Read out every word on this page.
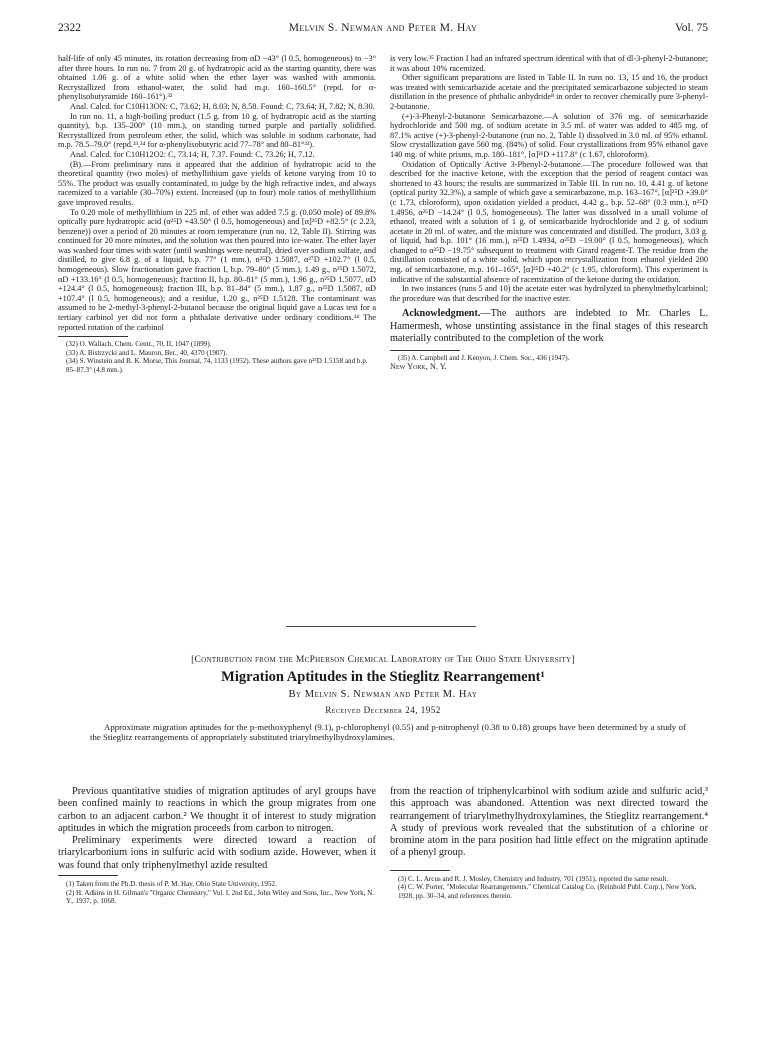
2322	Melvin S. Newman and Peter M. Hay	Vol. 75

half-life of only 45 minutes, its rotation decreasing from αD −43° (l 0.5, homogeneous) to −3° after three hours. In run no. 7 from 20 g. of hydratropic acid as the starting quantity, there was obtained 1.06 g. of a white solid when the ether layer was washed with ammonia. Recrystallized from ethanol-water, the solid had m.p. 160–160.5° (repd. for α-phenylisobutyramide 160–161°).³²

Anal. Calcd. for C10H13ON: C, 73.62; H, 8.03; N, 8.58. Found: C, 73.64; H, 7.82; N, 8.30.

In run no. 11, a high-boiling product (1.5 g. from 10 g. of hydratropic acid as the starting quantity), b.p. 135–200° (10 mm.), on standing turned purple and partially solidified. Recrystallized from petroleum ether, the solid, which was soluble in sodium carbonate, had m.p. 78.5–79.0° (repd.³³,³⁴ for α-phenylisobutyric acid 77–78° and 80–81°³³).

Anal. Calcd. for C10H12O2: C, 73.14; H, 7.37. Found: C, 73.26; H, 7.12.

(B).—From preliminary runs it appeared that the addition of hydratropic acid to the theoretical quantity (two moles) of methyllithium gave yields of ketone varying from 10 to 55%. The product was usually contaminated, to judge by the high refractive index, and always racemized to a variable (30–70%) extent. Increased (up to four) mole ratios of methyllithium gave improved results.

To 0.20 mole of methyllithium in 225 ml. of ether was added 7.5 g. (0.050 mole) of 89.8% optically pure hydratropic acid (α²⁵D +43.50° (l 0.5, homogeneous) and [α]²⁵D +82.5° (c 2.23, benzene)) over a period of 20 minutes at room temperature (run no. 12, Table II). Stirring was continued for 20 more minutes, and the solution was then poured into ice-water. The ether layer was washed four times with water (until washings were neutral), dried over sodium sulfate, and distilled, to give 6.8 g. of a liquid, b.p. 77° (1 mm.), n²⁵D 1.5087, α²⁷D +102.7° (l 0.5, homogeneous). Slow fractionation gave fraction I, b.p. 79–80° (5 mm.), 1.49 g., n²⁵D 1.5072, αD +133.16° (l 0.5, homogeneous); fraction II, b.p. 80–81° (5 mm.), 1.96 g., n²⁵D 1.5077, αD +124.4° (l 0.5, homogeneous); fraction III, b.p. 81–84° (5 mm.), 1.87 g., n²⁵D 1.5087, αD +107.4° (l 0.5, homogeneous); and a residue, 1.20 g., n²⁵D 1.5128. The contaminant was assumed to be 2-methyl-3-phenyl-2-butanol because the original liquid gave a Lucas test for a tertiary carbinol yet did not form a phthalate derivative under ordinary conditions.³⁴ The reported rotation of the carbinol

(32) O. Wallach, Chem. Centr., 70, II, 1047 (1899).

(33) A. Bistrzycki and L. Mauron, Ber., 40, 4370 (1907).

(34) S. Winstein and B. K. Morse, This Journal, 74, 1133 (1952). These authors gave n²⁵D 1.5158 and b.p. 85–87.3° (4.8 mm.).

is very low.³⁵ Fraction I had an infrared spectrum identical with that of dl-3-phenyl-2-butanone; it was about 10% racemized.

Other significant preparations are listed in Table II. In runs no. 13, 15 and 16, the product was treated with semicarbazide acetate and the precipitated semicarbazone subjected to steam distillation in the presence of phthalic anhydride⁸ in order to recover chemically pure 3-phenyl-2-butanone.

(+)-3-Phenyl-2-butanone Semicarbazone.—A solution of 376 mg. of semicarbazide hydrochloride and 500 mg. of sodium acetate in 3.5 ml. of water was added to 485 mg. of 87.1% active (+)-3-phenyl-2-butanone (run no. 2, Table I) dissolved in 3.0 ml. of 95% ethanol. Slow crystallization gave 560 mg. (84%) of solid. Four crystallizations from 95% ethanol gave 140 mg. of white prisms, m.p. 180–181°, [α]²¹D +117.8° (c 1.67, chloroform).

Oxidation of Optically Active 3-Phenyl-2-butanone.—The procedure followed was that described for the inactive ketone, with the exception that the period of reagent contact was shortened to 43 hours; the results are summarized in Table III. In run no. 10, 4.41 g. of ketone (optical purity 32.3%), a sample of which gave a semicarbazone, m.p. 163–167°, [α]²⁵D +39.0° (c 1.73, chloroform), upon oxidation yielded a product, 4.42 g., b.p. 52–68° (0.3 mm.), n²⁵D 1.4956, α²⁵D −14.24° (l 0.5, homogeneous). The latter was dissolved in a small volume of ethanol, treated with a solution of 1 g. of semicarbazide hydrochloride and 2 g. of sodium acetate in 20 ml. of water, and the mixture was concentrated and distilled. The product, 3.03 g. of liquid, had b.p. 101° (16 mm.), n²⁵D 1.4934, α²⁵D −19.00° (l 0.5, homogeneous), which changed to α²⁵D −19.75° subsequent to treatment with Girard reagent-T. The residue from the distillation consisted of a white solid, which upon recrystallization from ethanol yielded 200 mg. of semicarbazone, m.p. 161–165°, [α]²⁵D +40.2° (c 1.95, chloroform). This experiment is indicative of the substantial absence of racemization of the ketone during the oxidation.

In two instances (runs 5 and 10) the acetate ester was hydrolyzed to phenylmethylcarbinol; the procedure was that described for the inactive ester.

Acknowledgment.—The authors are indebted to Mr. Charles L. Hamermesh, whose unstinting assistance in the final stages of this research materially contributed to the completion of the work

(35) A. Campbell and J. Kenyon, J. Chem. Soc., 436 (1947).

New York, N. Y.

[Contribution from the McPherson Chemical Laboratory of The Ohio State University]
Migration Aptitudes in the Stieglitz Rearrangement¹
By Melvin S. Newman and Peter M. Hay
Received December 24, 1952
Approximate migration aptitudes for the p-methoxyphenyl (9.1), p-chlorophenyl (0.55) and p-nitrophenyl (0.38 to 0.18) groups have been determined by a study of the Stieglitz rearrangements of appropriately substituted triarylmethylhydroxylamines.

Previous quantitative studies of migration aptitudes of aryl groups have been confined mainly to reactions in which the group migrates from one carbon to an adjacent carbon.² We thought it of interest to study migration aptitudes in which the migration proceeds from carbon to nitrogen.

Preliminary experiments were directed toward a reaction of triarylcarbonium ions in sulfuric acid with sodium azide. However, when it was found that only triphenylmethyl azide resulted

(1) Taken from the Ph.D. thesis of P. M. Hay, Ohio State University, 1952.

(2) H. Adkins in H. Gilman's "Organic Chemistry," Vol. I, 2nd Ed., John Wiley and Sons, Inc., New York, N. Y., 1937, p. 1068.

from the reaction of triphenylcarbinol with sodium azide and sulfuric acid,³ this approach was abandoned. Attention was next directed toward the rearrangement of triarylmethylhydroxylamines, the Stieglitz rearrangement.⁴ A study of previous work revealed that the substitution of a chlorine or bromine atom in the para position had little effect on the migration aptitude of a phenyl group.

(3) C. L. Arcus and R. J. Mosley, Chemistry and Industry, 701 (1951), reported the same result.

(4) C. W. Porter, "Molecular Rearrangements," Chemical Catalog Co. (Reinhold Publ. Corp.), New York, 1928, pp. 30–34, and references therein.
